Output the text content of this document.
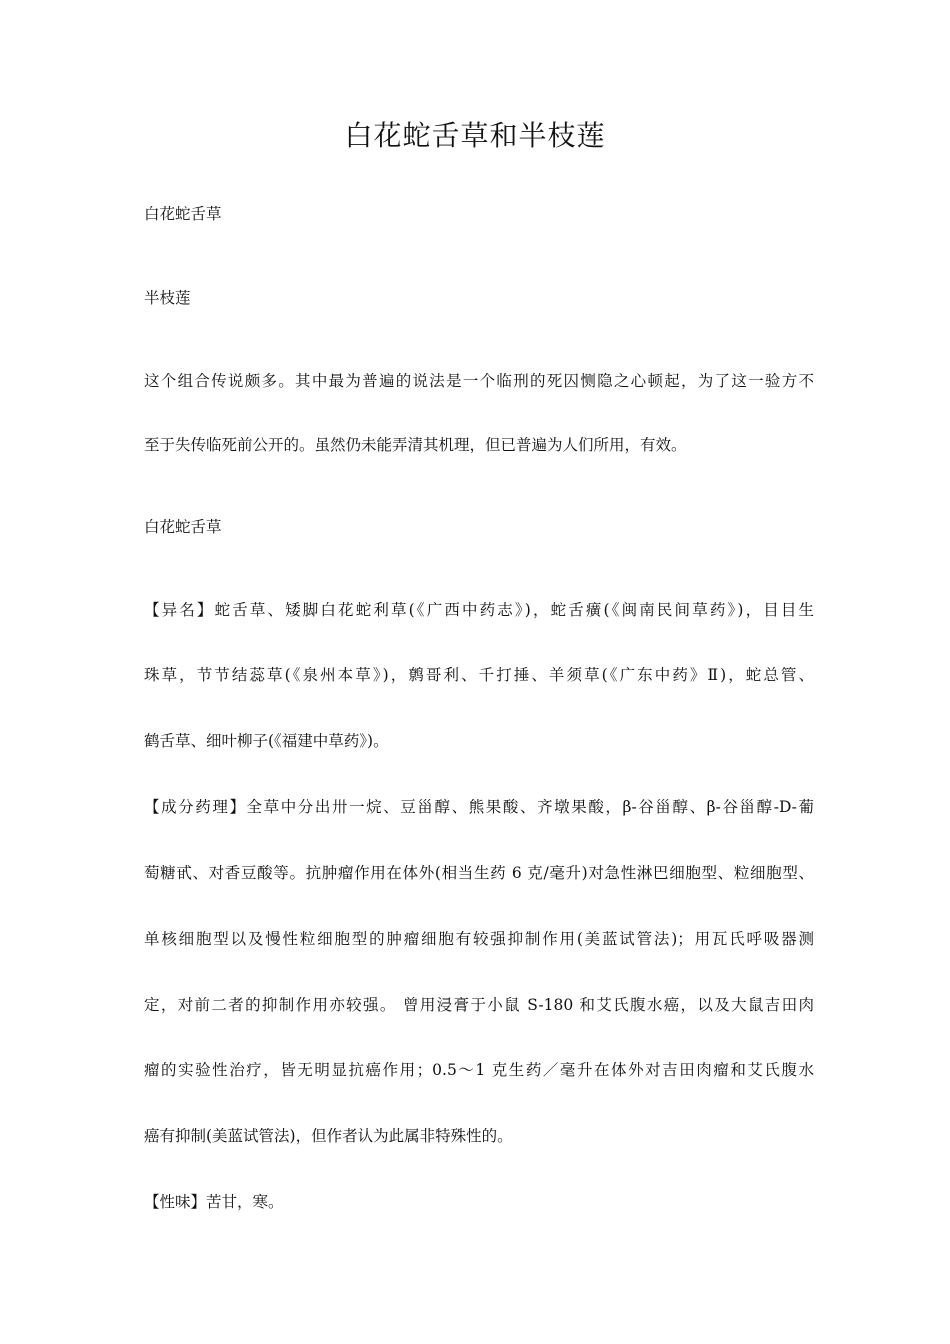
白花蛇舌草和半枝莲
白花蛇舌草
半枝莲
这个组合传说颇多。其中最为普遍的说法是一个临刑的死囚恻隐之心顿起，为了这一验方不
至于失传临死前公开的。虽然仍未能弄清其机理，但已普遍为人们所用，有效。
白花蛇舌草
【异名】蛇舌草、矮脚白花蛇利草(《广西中药志》)，蛇舌癀(《闽南民间草药》)，目目生
珠草，节节结蕊草(《泉州本草》)，鹩哥利、千打捶、羊须草(《广东中药》Ⅱ)，蛇总管、
鹤舌草、细叶柳子(《福建中草药》)。
【成分药理】全草中分出卅一烷、豆甾醇、熊果酸、齐墩果酸，β-谷甾醇、β-谷甾醇-D-葡
萄糖甙、对香豆酸等。抗肿瘤作用在体外(相当生药 6 克/毫升)对急性淋巴细胞型、粒细胞型、
单核细胞型以及慢性粒细胞型的肿瘤细胞有较强抑制作用(美蓝试管法)；用瓦氏呼吸器测
定，对前二者的抑制作用亦较强。 曾用浸膏于小鼠 S-180 和艾氏腹水癌，以及大鼠吉田肉
瘤的实验性治疗，皆无明显抗癌作用；0.5～1 克生药／毫升在体外对吉田肉瘤和艾氏腹水
癌有抑制(美蓝试管法)，但作者认为此属非特殊性的。
【性味】苦甘，寒。
